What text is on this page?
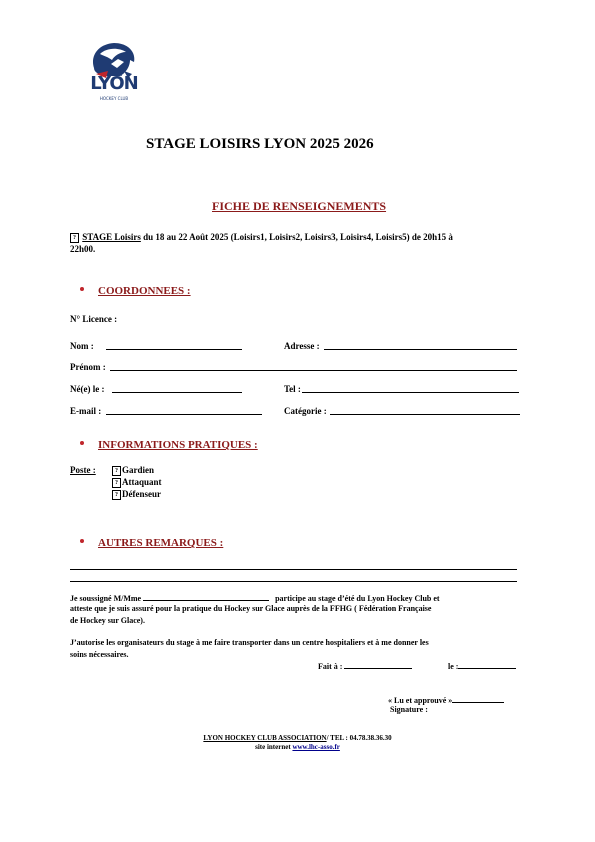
LYON
HOCKEY CLUB
STAGE LOISIRS LYON 2025 2026
FICHE DE RENSEIGNEMENTS
? STAGE Loisirs du 18 au 22 Août 2025 (Loisirs1, Loisirs2, Loisirs3, Loisirs4, Loisirs5) de 20h15 à
22h00.
COORDONNEES :
N° Licence :
Nom :	Adresse :
Prénom :
Né(e) le :	Tel :
E-mail :	Catégorie :
INFORMATIONS PRATIQUES :
Poste :	? Gardien
? Attaquant
? Défenseur
AUTRES REMARQUES :
Je soussigné M/Mme	participe au stage d’été du Lyon Hockey Club et
atteste que je suis assuré pour la pratique du Hockey sur Glace auprès de la FFHG ( Fédération Française
de Hockey sur Glace).
J’autorise les organisateurs du stage à me faire transporter dans un centre hospitaliers et à me donner les
soins nécessaires.
Fait à :	le :
« Lu et approuvé »
Signature :
LYON HOCKEY CLUB ASSOCIATION/ TEL : 04.78.38.36.30
site internet www.lhc-asso.fr
